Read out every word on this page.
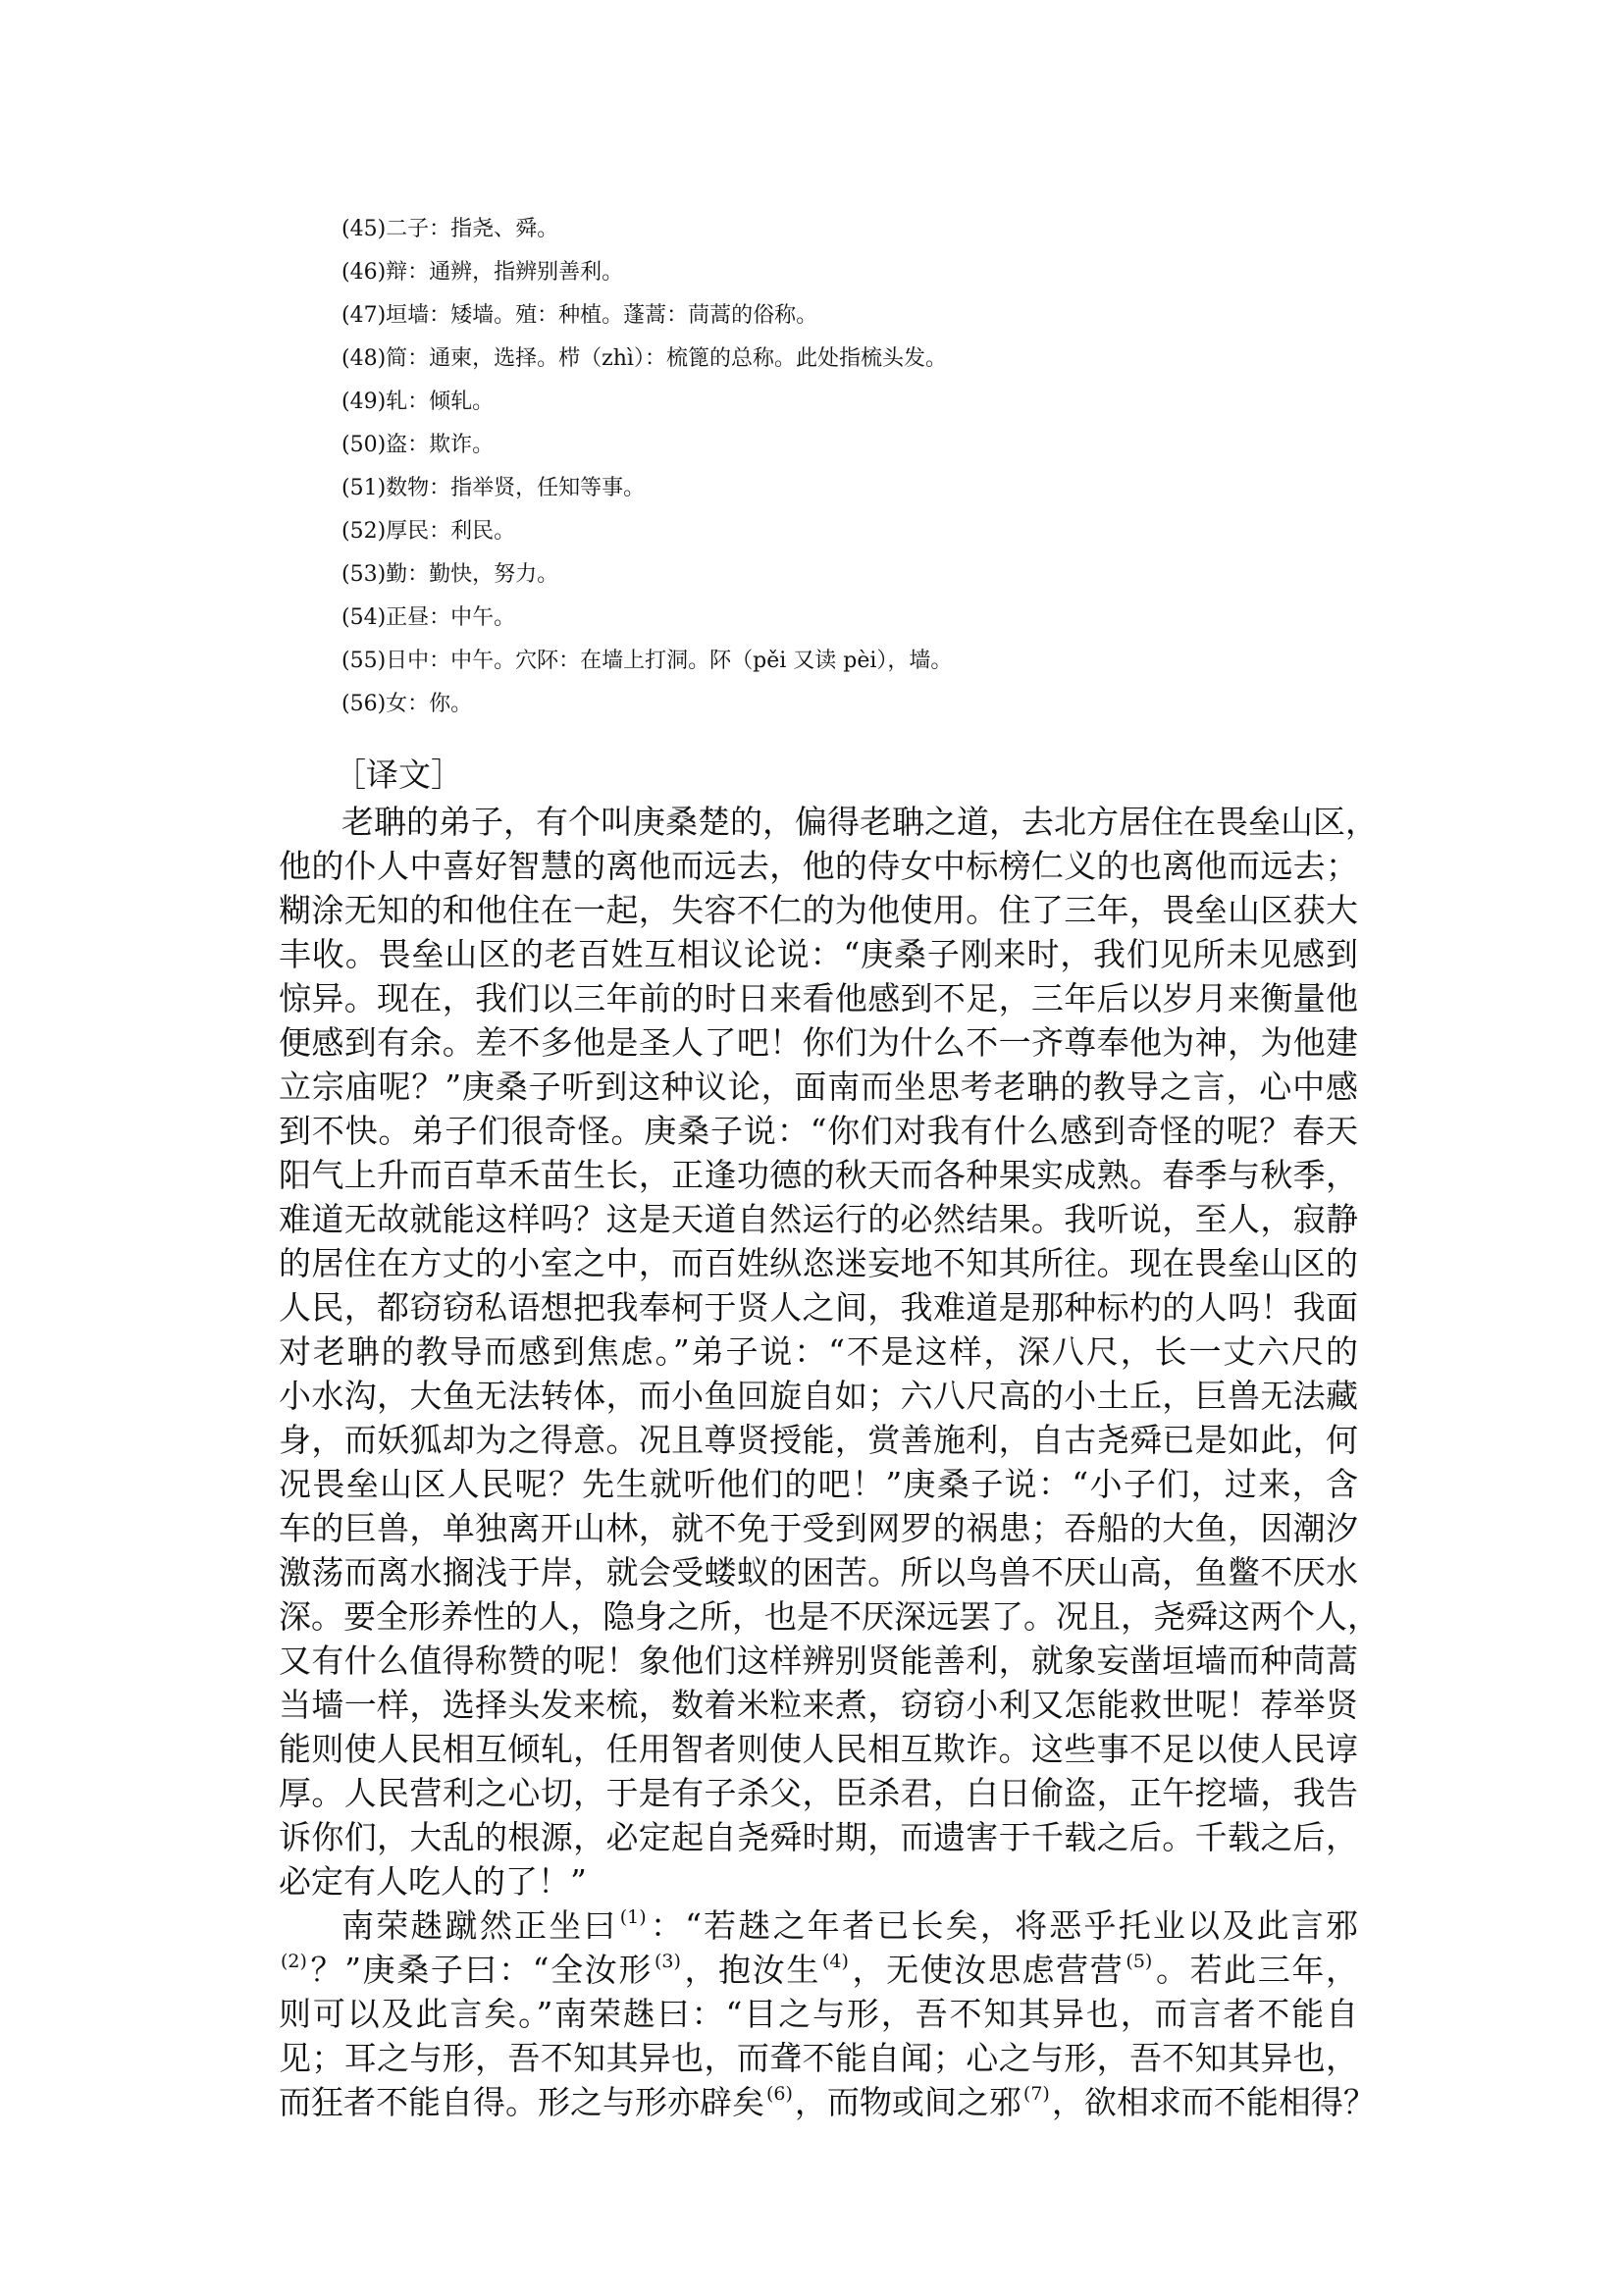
(45)二子：指尧、舜。
(46)辩：通辨，指辨别善利。
(47)垣墙：矮墙。殖：种植。蓬蒿：茼蒿的俗称。
(48)简：通柬，选择。栉（zhì）：梳篦的总称。此处指梳头发。
(49)轧：倾轧。
(50)盗：欺诈。
(51)数物：指举贤，任知等事。
(52)厚民：利民。
(53)勤：勤快，努力。
(54)正昼：中午。
(55)日中：中午。穴阫：在墙上打洞。阫（pěi 又读 pèi），墙。
(56)女：你。
［译文］
老聃的弟子，有个叫庚桑楚的，偏得老聃之道，去北方居住在畏垒山区，
他的仆人中喜好智慧的离他而远去，他的侍女中标榜仁义的也离他而远去；
糊涂无知的和他住在一起，失容不仁的为他使用。住了三年，畏垒山区获大
丰收。畏垒山区的老百姓互相议论说：“庚桑子刚来时，我们见所未见感到
惊异。现在，我们以三年前的时日来看他感到不足，三年后以岁月来衡量他
便感到有余。差不多他是圣人了吧！你们为什么不一齐尊奉他为神，为他建
立宗庙呢？”庚桑子听到这种议论，面南而坐思考老聃的教导之言，心中感
到不快。弟子们很奇怪。庚桑子说：“你们对我有什么感到奇怪的呢？春天
阳气上升而百草禾苗生长，正逢功德的秋天而各种果实成熟。春季与秋季，
难道无故就能这样吗？这是天道自然运行的必然结果。我听说，至人，寂静
的居住在方丈的小室之中，而百姓纵恣迷妄地不知其所往。现在畏垒山区的
人民，都窃窃私语想把我奉柯于贤人之间，我难道是那种标杓的人吗！我面
对老聃的教导而感到焦虑。”弟子说：“不是这样，深八尺，长一丈六尺的
小水沟，大鱼无法转体，而小鱼回旋自如；六八尺高的小土丘，巨兽无法藏
身，而妖狐却为之得意。况且尊贤授能，赏善施利，自古尧舜已是如此，何
况畏垒山区人民呢？先生就听他们的吧！”庚桑子说：“小子们，过来，含
车的巨兽，单独离开山林，就不免于受到网罗的祸患；吞船的大鱼，因潮汐
激荡而离水搁浅于岸，就会受蝼蚁的困苦。所以鸟兽不厌山高，鱼鳖不厌水
深。要全形养性的人，隐身之所，也是不厌深远罢了。况且，尧舜这两个人，
又有什么值得称赞的呢！象他们这样辨别贤能善利，就象妄凿垣墙而种茼蒿
当墙一样，选择头发来梳，数着米粒来煮，窃窃小利又怎能救世呢！荐举贤
能则使人民相互倾轧，任用智者则使人民相互欺诈。这些事不足以使人民谆
厚。人民营利之心切，于是有子杀父，臣杀君，白日偷盗，正午挖墙，我告
诉你们，大乱的根源，必定起自尧舜时期，而遗害于千载之后。千载之后，
必定有人吃人的了！”
南荣趎蹴然正坐曰 $^{(1)}$：“若趎之年者已长矣，将恶乎托业以及此言邪
$^{(2)}$？”庚桑子曰：“全汝形 $^{(3)}$，抱汝生 $^{(4)}$，无使汝思虑营营 $^{(5)}$。若此三年，
则可以及此言矣。”南荣趎曰：“目之与形，吾不知其异也，而言者不能自
见；耳之与形，吾不知其异也，而聋不能自闻；心之与形，吾不知其异也，
而狂者不能自得。形之与形亦辟矣 $^{(6)}$，而物或间之邪 $^{(7)}$，欲相求而不能相得？
